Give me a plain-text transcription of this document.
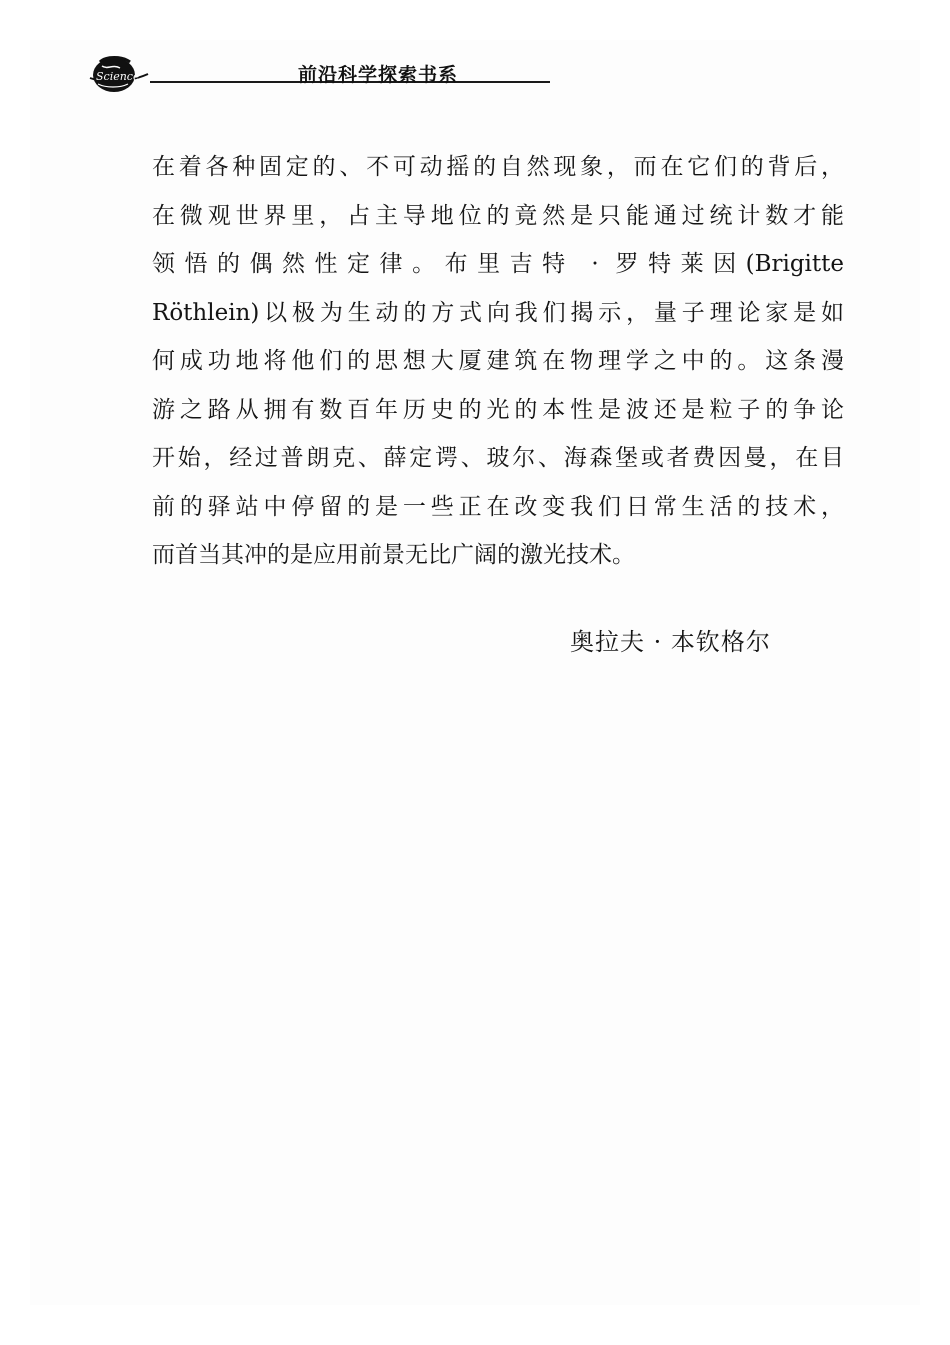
Science	前沿科学探索书系
在着各种固定的、不可动摇的自然现象，而在它们的背后，
在微观世界里，占主导地位的竟然是只能通过统计数才能
领悟的偶然性定律。布里吉特 · 罗特莱因(Brigitte
Röthlein)以极为生动的方式向我们揭示，量子理论家是如
何成功地将他们的思想大厦建筑在物理学之中的。这条漫
游之路从拥有数百年历史的光的本性是波还是粒子的争论
开始，经过普朗克、薛定谔、玻尔、海森堡或者费因曼，在目
前的驿站中停留的是一些正在改变我们日常生活的技术，
而首当其冲的是应用前景无比广阔的激光技术。
奥拉夫 · 本钦格尔
